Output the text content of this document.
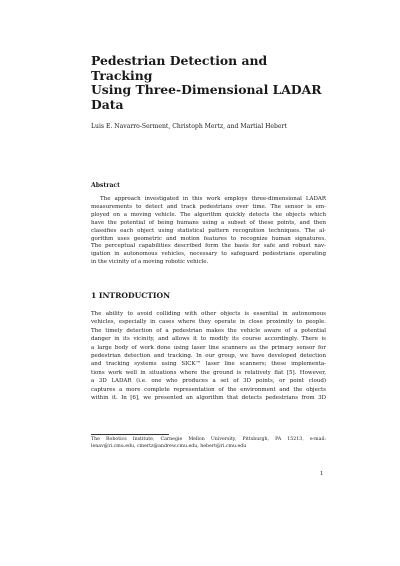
Pedestrian Detection and Tracking
Using Three-Dimensional LADAR
Data

Luis E. Navarro-Serment, Christoph Mertz, and Martial Hebert

Abstract
The approach investigated in this work employs three-dimensional LADAR
measurements to detect and track pedestrians over time. The sensor is em-
ployed on a moving vehicle. The algorithm quickly detects the objects which
have the potential of being humans using a subset of these points, and then
classifies each object using statistical pattern recognition techniques. The al-
gorithm uses geometric and motion features to recognize human signatures.
The perceptual capabilities described form the basis for safe and robust nav-
igation in autonomous vehicles, necessary to safeguard pedestrians operating
in the vicinity of a moving robotic vehicle.
1 INTRODUCTION
The ability to avoid colliding with other objects is essential in autonomous
vehicles, especially in cases where they operate in close proximity to people.
The timely detection of a pedestrian makes the vehicle aware of a potential
danger in its vicinity, and allows it to modify its course accordingly. There is
a large body of work done using laser line scanners as the primary sensor for
pedestrian detection and tracking. In our group, we have developed detection
and tracking systems using SICK™ laser line scanners; these implementa-
tions work well in situations where the ground is relatively flat [5]. However,
a 3D LADAR (i.e. one who produces a set of 3D points, or point cloud)
captures a more complete representation of the environment and the objects
within it. In [6], we presented an algorithm that detects pedestrians from 3D
The Robotics Institute, Carnegie Mellon University, Pittsburgh, PA 15213, e-mail:
lenav@ri.cmu.edu, cmertz@andrew.cmu.edu, hebert@ri.cmu.edu

1
